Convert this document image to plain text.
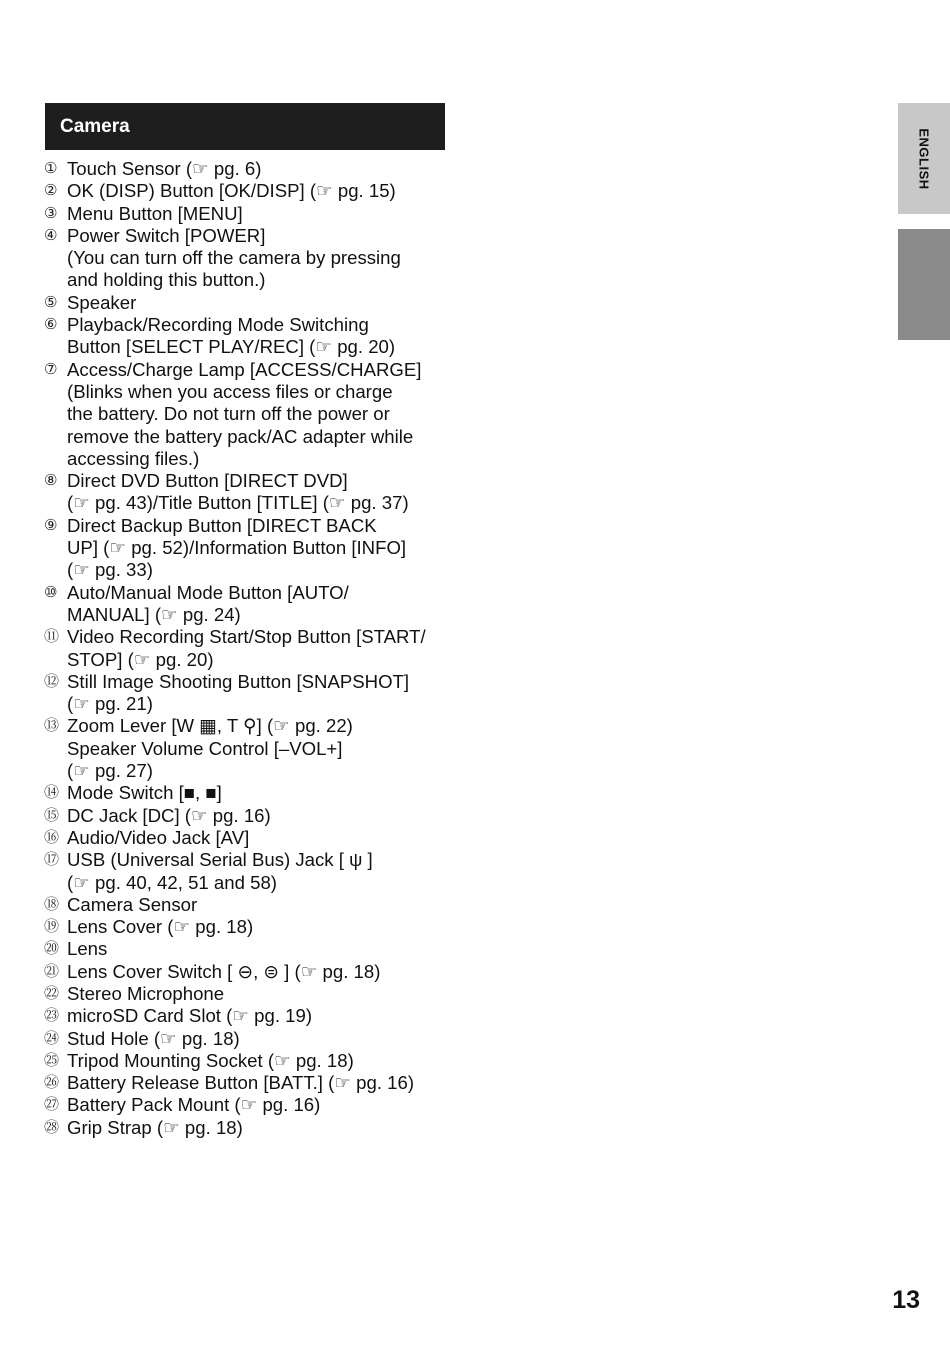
Camera
① Touch Sensor (☞ pg. 6)
② OK (DISP) Button [OK/DISP] (☞ pg. 15)
③ Menu Button [MENU]
④ Power Switch [POWER]
(You can turn off the camera by pressing
and holding this button.)
⑤ Speaker
⑥ Playback/Recording Mode Switching
Button [SELECT PLAY/REC] (☞ pg. 20)
⑦ Access/Charge Lamp [ACCESS/CHARGE]
(Blinks when you access files or charge
the battery. Do not turn off the power or
remove the battery pack/AC adapter while
accessing files.)
⑧ Direct DVD Button [DIRECT DVD]
(☞ pg. 43)/Title Button [TITLE] (☞ pg. 37)
⑨ Direct Backup Button [DIRECT BACK
UP] (☞ pg. 52)/Information Button [INFO]
(☞ pg. 33)
⑩ Auto/Manual Mode Button [AUTO/
MANUAL] (☞ pg. 24)
⑪ Video Recording Start/Stop Button [START/
STOP] (☞ pg. 20)
⑫ Still Image Shooting Button [SNAPSHOT]
(☞ pg. 21)
⑬ Zoom Lever [W ▦, T ⚲] (☞ pg. 22)
Speaker Volume Control [–VOL+]
(☞ pg. 27)
⑭ Mode Switch [■, ■]
⑮ DC Jack [DC] (☞ pg. 16)
⑯ Audio/Video Jack [AV]
⑰ USB (Universal Serial Bus) Jack [ ψ ]
(☞ pg. 40, 42, 51 and 58)
⑱ Camera Sensor
⑲ Lens Cover (☞ pg. 18)
⑳ Lens
㉑ Lens Cover Switch [ ⊖, ⊜ ] (☞ pg. 18)
㉒ Stereo Microphone
㉓ microSD Card Slot (☞ pg. 19)
㉔ Stud Hole (☞ pg. 18)
㉕ Tripod Mounting Socket (☞ pg. 18)
㉖ Battery Release Button [BATT.] (☞ pg. 16)
㉗ Battery Pack Mount (☞ pg. 16)
㉘ Grip Strap (☞ pg. 18)
ENGLISH
13
